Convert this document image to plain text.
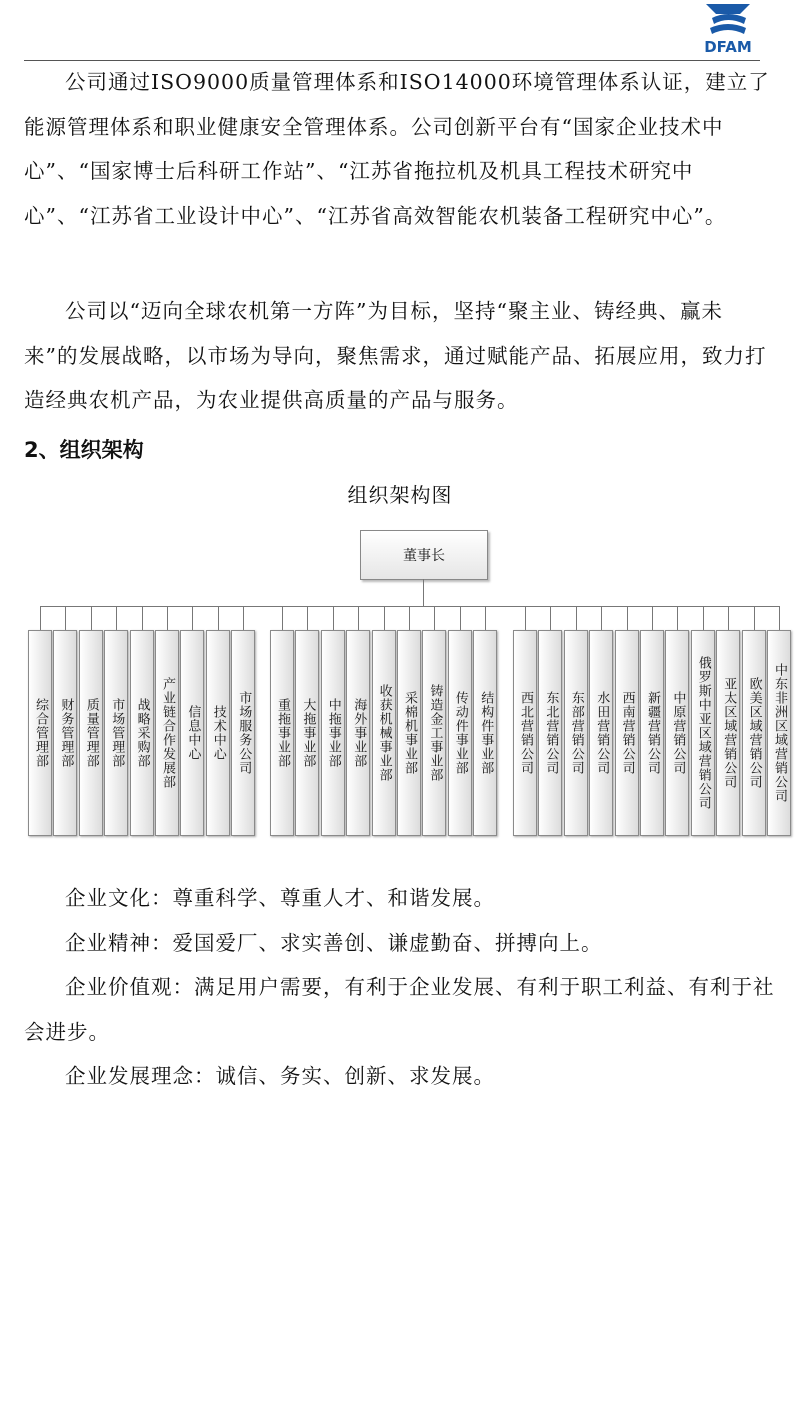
DFAM

公司通过ISO9000质量管理体系和ISO14000环境管理体系认证，建立了能源管理体系和职业健康安全管理体系。公司创新平台有“国家企业技术中心”、“国家博士后科研工作站”、“江苏省拖拉机及机具工程技术研究中心”、“江苏省工业设计中心”、“江苏省高效智能农机装备工程研究中心”。

公司以“迈向全球农机第一方阵”为目标，坚持“聚主业、铸经典、赢未来”的发展战略，以市场为导向，聚焦需求，通过赋能产品、拓展应用，致力打造经典农机产品，为农业提供高质量的产品与服务。

2、组织架构
组织架构图
董事长
综合管理部 财务管理部 质量管理部 市场管理部 战略采购部 产业链合作发展部 信息中心 技术中心 市场服务公司 重拖事业部 大拖事业部 中拖事业部 海外事业部 收获机械事业部 采棉机事业部 铸造金工事业部 传动件事业部 结构件事业部 西北营销公司 东北营销公司 东部营销公司 水田营销公司 西南营销公司 新疆营销公司 中原营销公司 俄罗斯中亚区域营销公司 亚太区域营销公司 欧美区域营销公司 中东非洲区域营销公司

企业文化：尊重科学、尊重人才、和谐发展。

企业精神：爱国爱厂、求实善创、谦虚勤奋、拼搏向上。

企业价值观：满足用户需要，有利于企业发展、有利于职工利益、有利于社会进步。

企业发展理念：诚信、务实、创新、求发展。
